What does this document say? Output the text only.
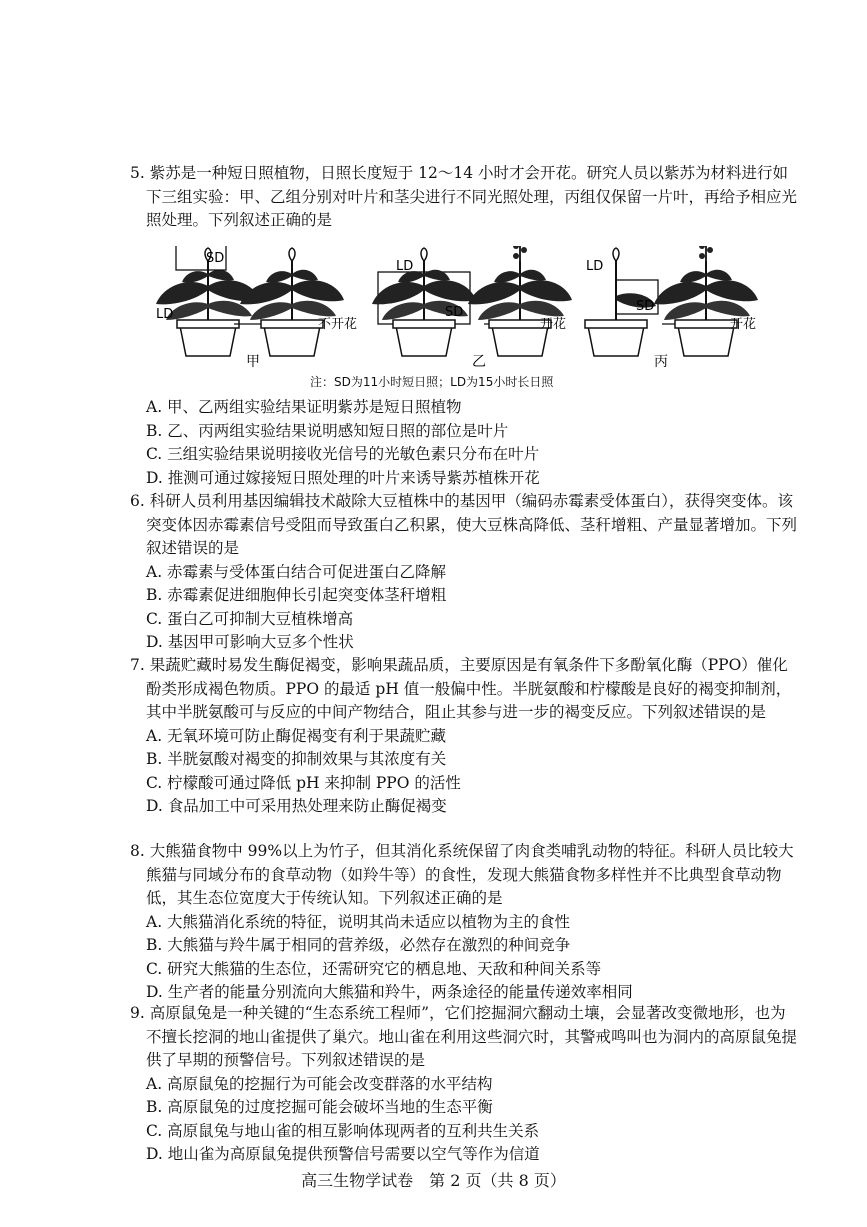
5. 紫苏是一种短日照植物，日照长度短于 12～14 小时才会开花。研究人员以紫苏为材料进行如下三组实验：甲、乙组分别对叶片和茎尖进行不同光照处理，丙组仅保留一片叶，再给予相应光照处理。下列叙述正确的是

SD
LD
不开花
甲
LD
SD
开花
乙
LD
SD
开花
丙
注：SD为11小时短日照；LD为15小时长日照

A. 甲、乙两组实验结果证明紫苏是短日照植物

B. 乙、丙两组实验结果说明感知短日照的部位是叶片

C. 三组实验结果说明接收光信号的光敏色素只分布在叶片

D. 推测可通过嫁接短日照处理的叶片来诱导紫苏植株开花

6. 科研人员利用基因编辑技术敲除大豆植株中的基因甲（编码赤霉素受体蛋白），获得突变体。该突变体因赤霉素信号受阻而导致蛋白乙积累，使大豆株高降低、茎秆增粗、产量显著增加。下列叙述错误的是

A. 赤霉素与受体蛋白结合可促进蛋白乙降解

B. 赤霉素促进细胞伸长引起突变体茎秆增粗

C. 蛋白乙可抑制大豆植株增高

D. 基因甲可影响大豆多个性状

7. 果蔬贮藏时易发生酶促褐变，影响果蔬品质，主要原因是有氧条件下多酚氧化酶（PPO）催化酚类形成褐色物质。PPO 的最适 pH 值一般偏中性。半胱氨酸和柠檬酸是良好的褐变抑制剂，其中半胱氨酸可与反应的中间产物结合，阻止其参与进一步的褐变反应。下列叙述错误的是

A. 无氧环境可防止酶促褐变有利于果蔬贮藏

B. 半胱氨酸对褐变的抑制效果与其浓度有关

C. 柠檬酸可通过降低 pH 来抑制 PPO 的活性

D. 食品加工中可采用热处理来防止酶促褐变

8. 大熊猫食物中 99%以上为竹子，但其消化系统保留了肉食类哺乳动物的特征。科研人员比较大熊猫与同域分布的食草动物（如羚牛等）的食性，发现大熊猫食物多样性并不比典型食草动物低，其生态位宽度大于传统认知。下列叙述正确的是

A. 大熊猫消化系统的特征，说明其尚未适应以植物为主的食性

B. 大熊猫与羚牛属于相同的营养级，必然存在激烈的种间竞争

C. 研究大熊猫的生态位，还需研究它的栖息地、天敌和种间关系等

D. 生产者的能量分别流向大熊猫和羚牛，两条途径的能量传递效率相同

9. 高原鼠兔是一种关键的“生态系统工程师”，它们挖掘洞穴翻动土壤，会显著改变微地形，也为不擅长挖洞的地山雀提供了巢穴。地山雀在利用这些洞穴时，其警戒鸣叫也为洞内的高原鼠兔提供了早期的预警信号。下列叙述错误的是

A. 高原鼠兔的挖掘行为可能会改变群落的水平结构

B. 高原鼠兔的过度挖掘可能会破坏当地的生态平衡

C. 高原鼠兔与地山雀的相互影响体现两者的互利共生关系

D. 地山雀为高原鼠兔提供预警信号需要以空气等作为信道

高三生物学试卷　第 2 页（共 8 页）
